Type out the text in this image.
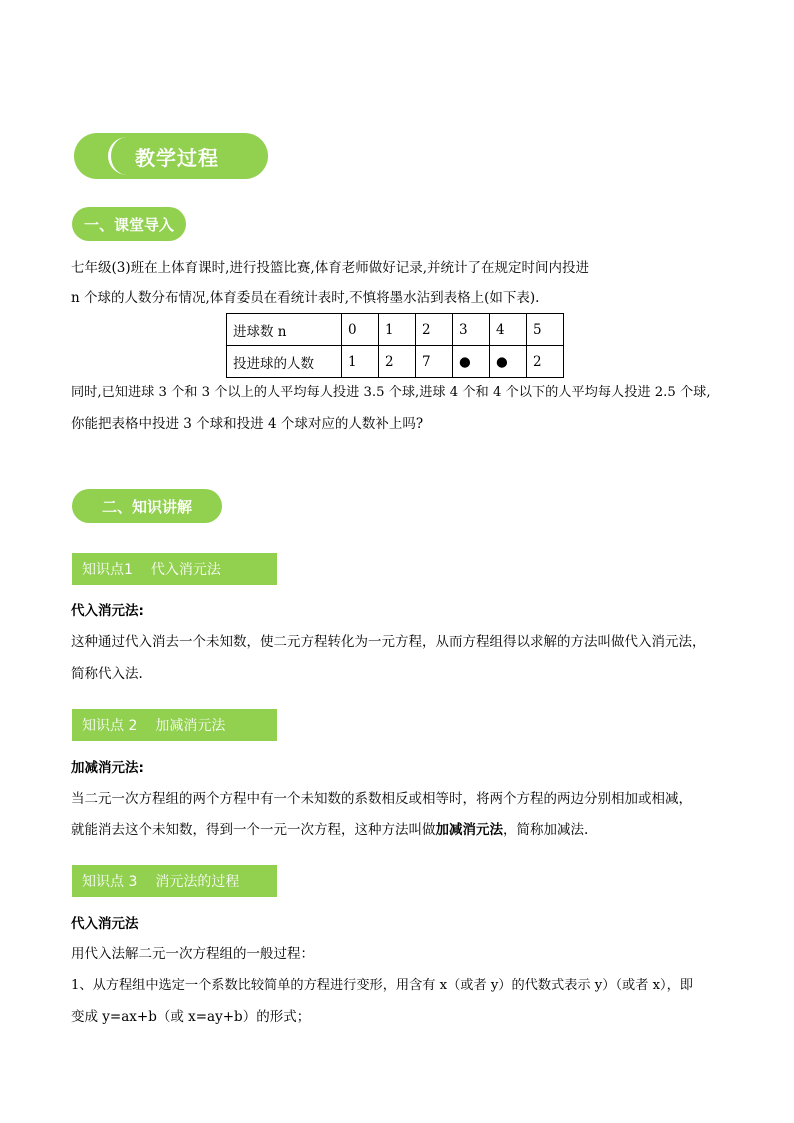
教学过程
一、课堂导入
七年级(3)班在上体育课时,进行投篮比赛,体育老师做好记录,并统计了在规定时间内投进
n 个球的人数分布情况,体育委员在看统计表时,不慎将墨水沾到表格上(如下表).
进球数 n	0	1	2	3	4	5
投进球的人数	1	2	7	●	●	2
同时,已知进球 3 个和 3 个以上的人平均每人投进 3.5 个球,进球 4 个和 4 个以下的人平均每人投进 2.5 个球,
你能把表格中投进 3 个球和投进 4 个球对应的人数补上吗?
二、知识讲解
知识点1 代入消元法
代入消元法:
这种通过代入消去一个未知数，使二元方程转化为一元方程，从而方程组得以求解的方法叫做代入消元法，
简称代入法.
知识点 2 加减消元法
加减消元法:
当二元一次方程组的两个方程中有一个未知数的系数相反或相等时，将两个方程的两边分别相加或相减，
就能消去这个未知数，得到一个一元一次方程，这种方法叫做加减消元法，简称加减法.
知识点 3 消元法的过程
代入消元法
用代入法解二元一次方程组的一般过程：
1、从方程组中选定一个系数比较简单的方程进行变形，用含有 x（或者 y）的代数式表示 y）（或者 x），即
变成 y=ax+b（或 x=ay+b）的形式；
